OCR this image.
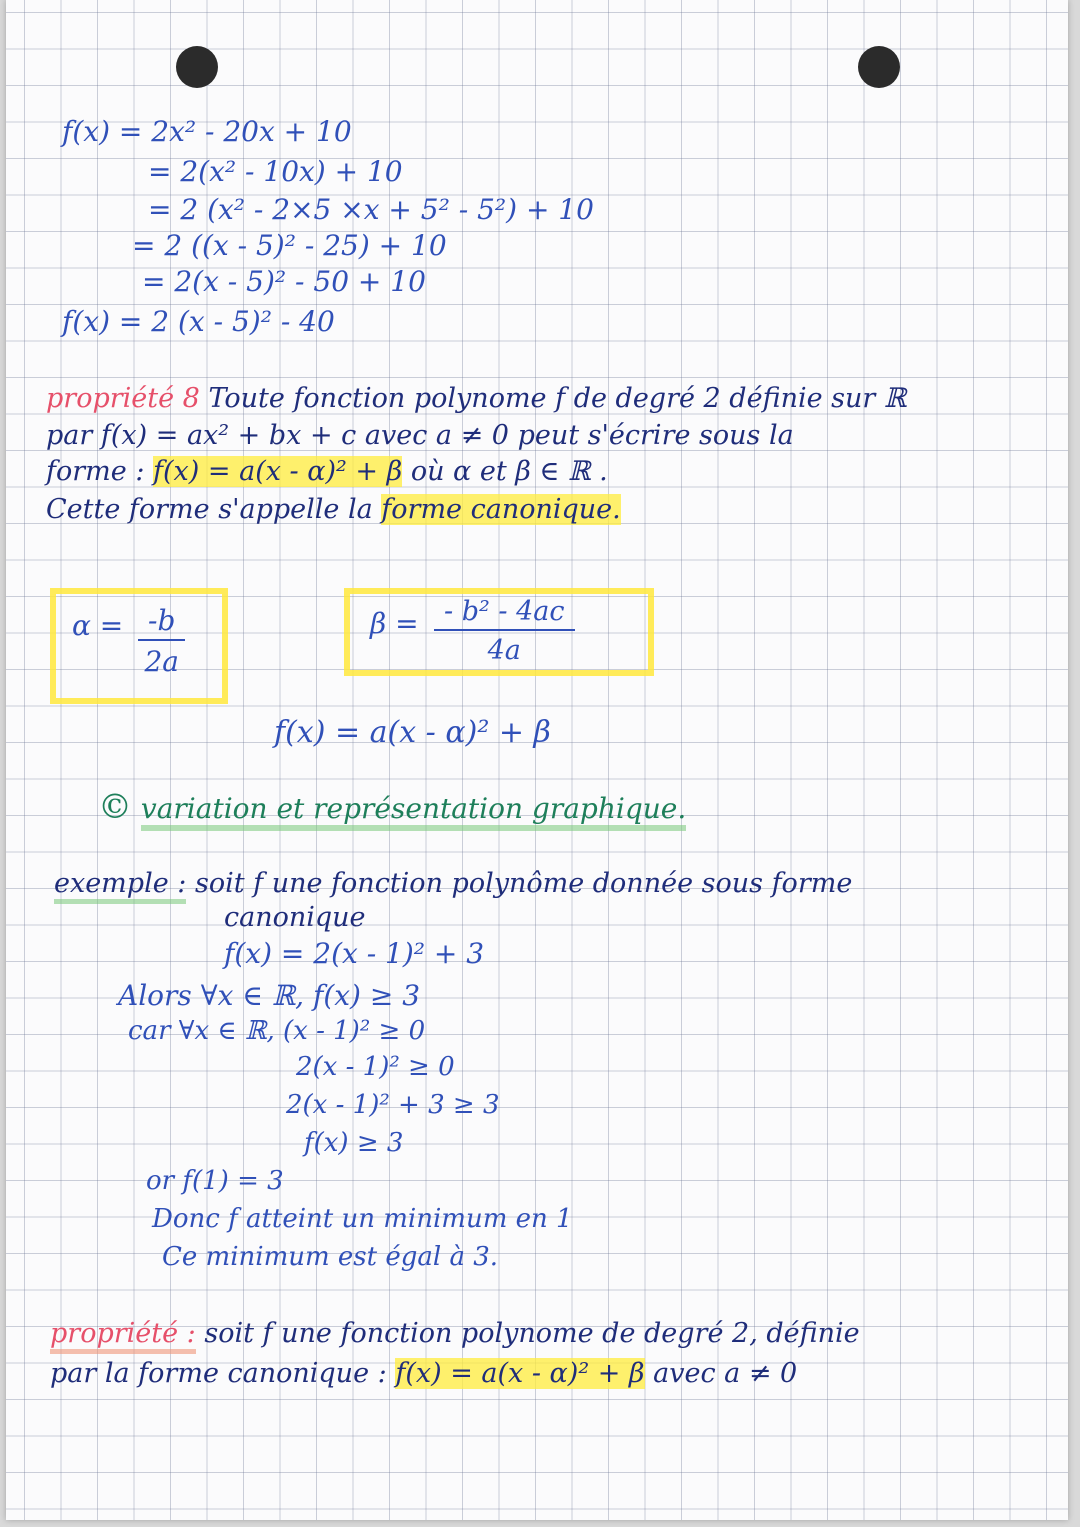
f(x) = 2x² - 20x + 10
= 2(x² - 10x) + 10
= 2 (x² - 2×5 ×x + 5² - 5²) + 10
= 2 ((x - 5)² - 25) + 10
= 2(x - 5)² - 50 + 10
f(x) = 2 (x - 5)² - 40
propriété 8 Toute fonction polynome f de degré 2 définie sur ℝ
par f(x) = ax² + bx + c avec a ≠ 0 peut s'écrire sous la
forme : f(x) = a(x - α)² + β où α et β ∈ ℝ .
Cette forme s'appelle la forme canonique.
$\alpha = \frac{-b}{2a}$	$\beta = \frac{\text{- b² - 4ac}}{4a}$
f(x) = a(x - α)² + β
© variation et représentation graphique.
exemple : soit f une fonction polynôme donnée sous forme
canonique
f(x) = 2(x - 1)² + 3
Alors ∀x ∈ ℝ, f(x) ≥ 3
car ∀x ∈ ℝ, (x - 1)² ≥ 0
2(x - 1)² ≥ 0
2(x - 1)² + 3 ≥ 3
f(x) ≥ 3
or f(1) = 3
Donc f atteint un minimum en 1
Ce minimum est égal à 3.
propriété : soit f une fonction polynome de degré 2, définie
par la forme canonique : f(x) = a(x - α)² + β avec a ≠ 0
